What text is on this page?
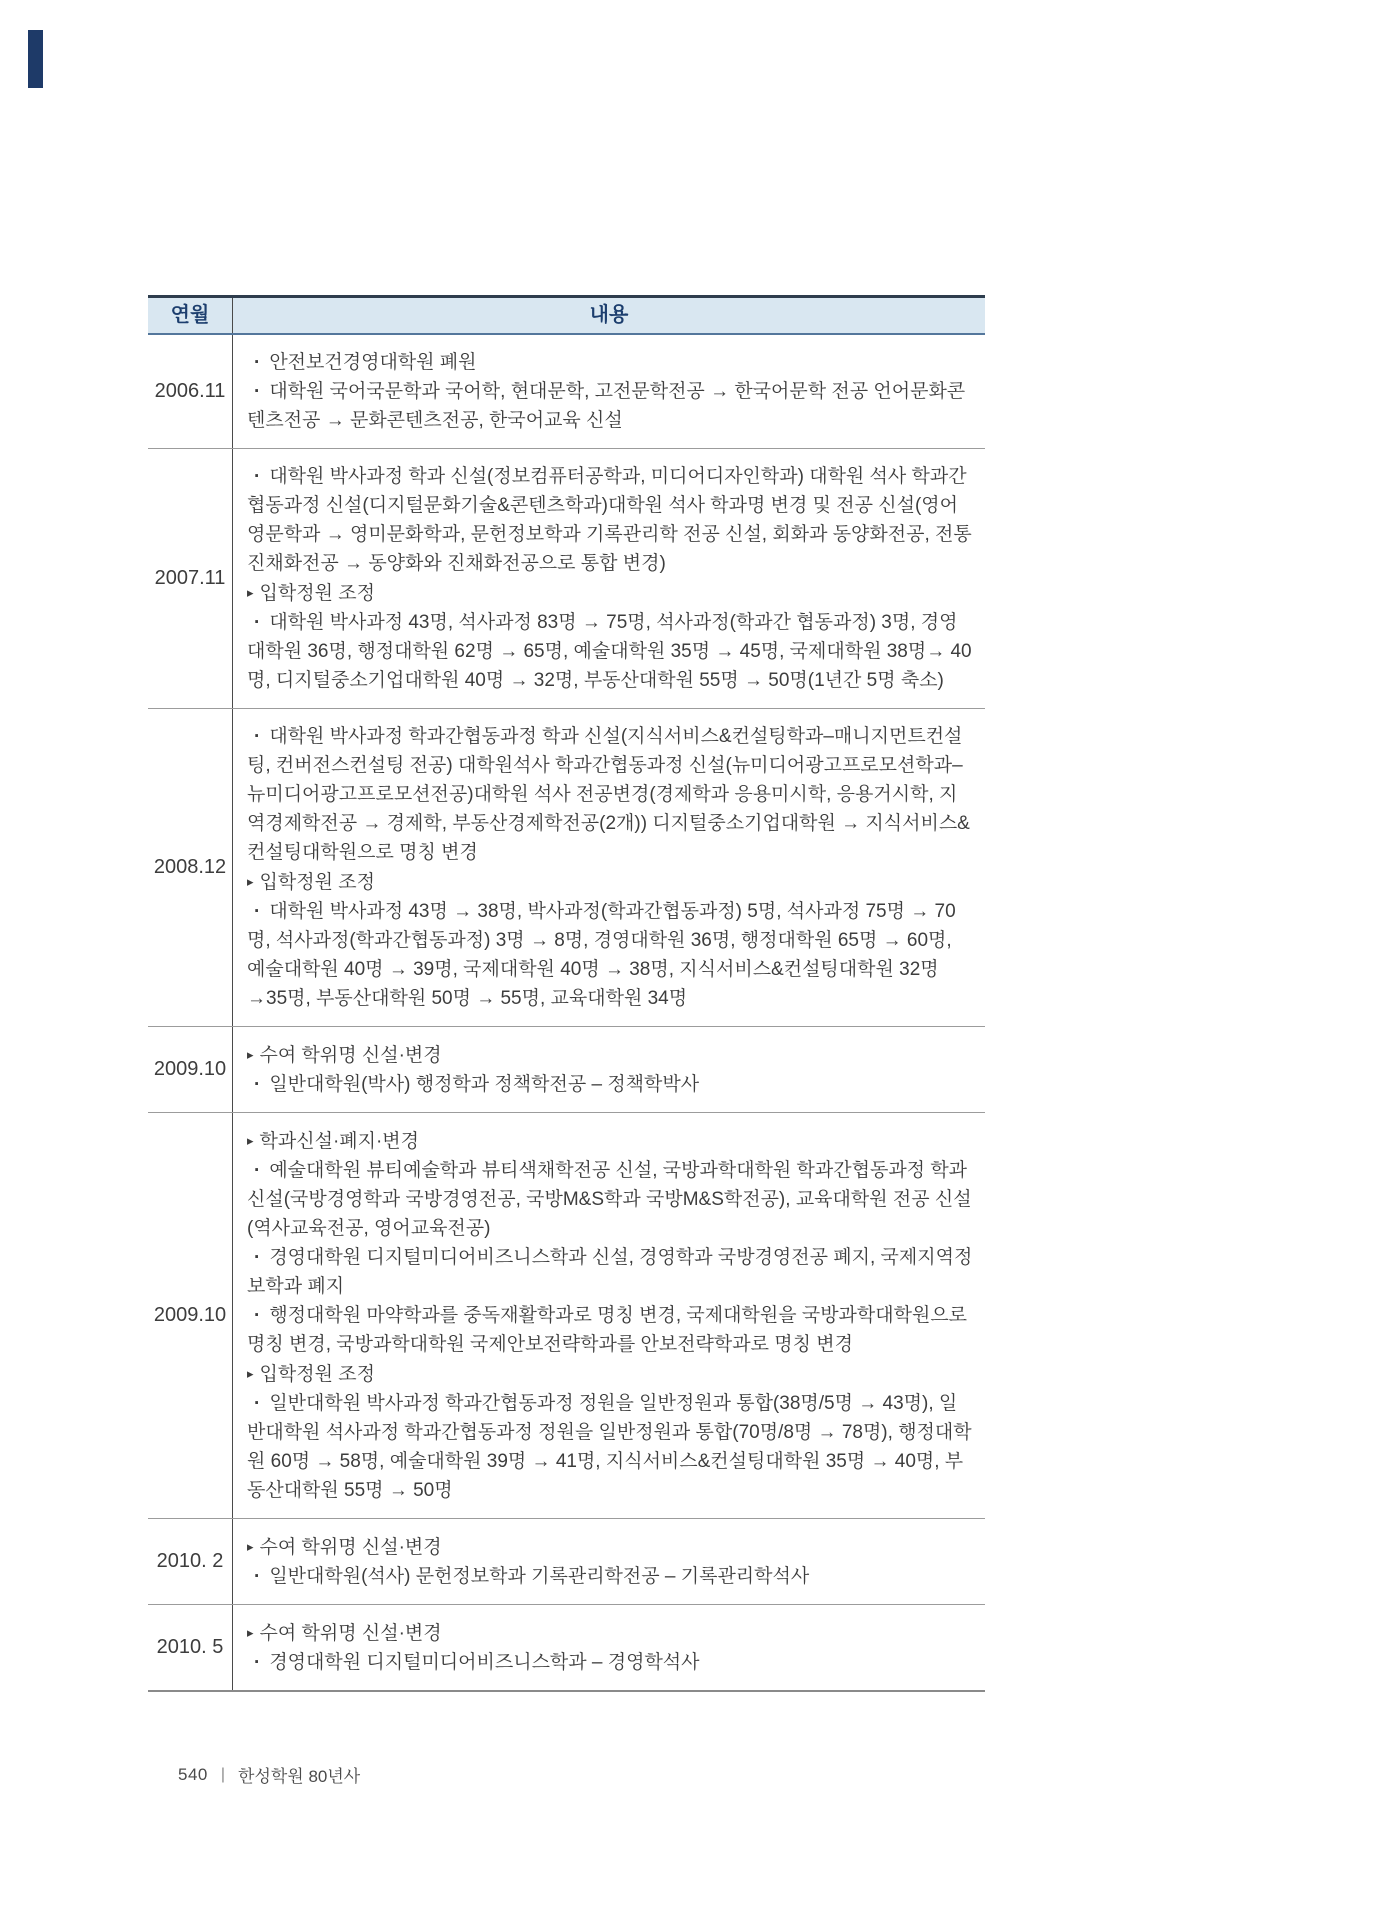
연월	내용
2006.11
· 안전보건경영대학원 폐원
· 대학원 국어국문학과 국어학, 현대문학, 고전문학전공 → 한국어문학 전공 언어문화콘텐츠전공 → 문화콘텐츠전공, 한국어교육 신설
2007.11
· 대학원 박사과정 학과 신설(정보컴퓨터공학과, 미디어디자인학과) 대학원 석사 학과간 협동과정 신설(디지털문화기술&콘텐츠학과)대학원 석사 학과명 변경 및 전공 신설(영어영문학과 → 영미문화학과, 문헌정보학과 기록관리학 전공 신설, 회화과 동양화전공, 전통진채화전공 → 동양화와 진채화전공으로 통합 변경)
▸ 입학정원 조정
· 대학원 박사과정 43명, 석사과정 83명 → 75명, 석사과정(학과간 협동과정) 3명, 경영대학원 36명, 행정대학원 62명 → 65명, 예술대학원 35명 → 45명, 국제대학원 38명→ 40명, 디지털중소기업대학원 40명 → 32명, 부동산대학원 55명 → 50명(1년간 5명 축소)
2008.12
· 대학원 박사과정 학과간협동과정 학과 신설(지식서비스&컨설팅학과–매니지먼트컨설팅, 컨버전스컨설팅 전공) 대학원석사 학과간협동과정 신설(뉴미디어광고프로모션학과–뉴미디어광고프로모션전공)대학원 석사 전공변경(경제학과 응용미시학, 응용거시학, 지역경제학전공 → 경제학, 부동산경제학전공(2개)) 디지털중소기업대학원 → 지식서비스&컨설팅대학원으로 명칭 변경
▸ 입학정원 조정
· 대학원 박사과정 43명 → 38명, 박사과정(학과간협동과정) 5명, 석사과정 75명 → 70명, 석사과정(학과간협동과정) 3명 → 8명, 경영대학원 36명, 행정대학원 65명 → 60명, 예술대학원 40명 → 39명, 국제대학원 40명 → 38명, 지식서비스&컨설팅대학원 32명 →35명, 부동산대학원 50명 → 55명, 교육대학원 34명
2009.10
▸ 수여 학위명 신설·변경
· 일반대학원(박사) 행정학과 정책학전공 – 정책학박사
2009.10
▸ 학과신설·폐지·변경
· 예술대학원 뷰티예술학과 뷰티색채학전공 신설, 국방과학대학원 학과간협동과정 학과신설(국방경영학과 국방경영전공, 국방M&S학과 국방M&S학전공), 교육대학원 전공 신설(역사교육전공, 영어교육전공)
· 경영대학원 디지털미디어비즈니스학과 신설, 경영학과 국방경영전공 폐지, 국제지역정보학과 폐지
· 행정대학원 마약학과를 중독재활학과로 명칭 변경, 국제대학원을 국방과학대학원으로 명칭 변경, 국방과학대학원 국제안보전략학과를 안보전략학과로 명칭 변경
▸ 입학정원 조정
· 일반대학원 박사과정 학과간협동과정 정원을 일반정원과 통합(38명/5명 → 43명), 일반대학원 석사과정 학과간협동과정 정원을 일반정원과 통합(70명/8명 → 78명), 행정대학원 60명 → 58명, 예술대학원 39명 → 41명, 지식서비스&컨설팅대학원 35명 → 40명, 부동산대학원 55명 → 50명
2010. 2
▸ 수여 학위명 신설·변경
· 일반대학원(석사) 문헌정보학과 기록관리학전공 – 기록관리학석사
2010. 5
▸ 수여 학위명 신설·변경
· 경영대학원 디지털미디어비즈니스학과 – 경영학석사
540 | 한성학원 80년사
